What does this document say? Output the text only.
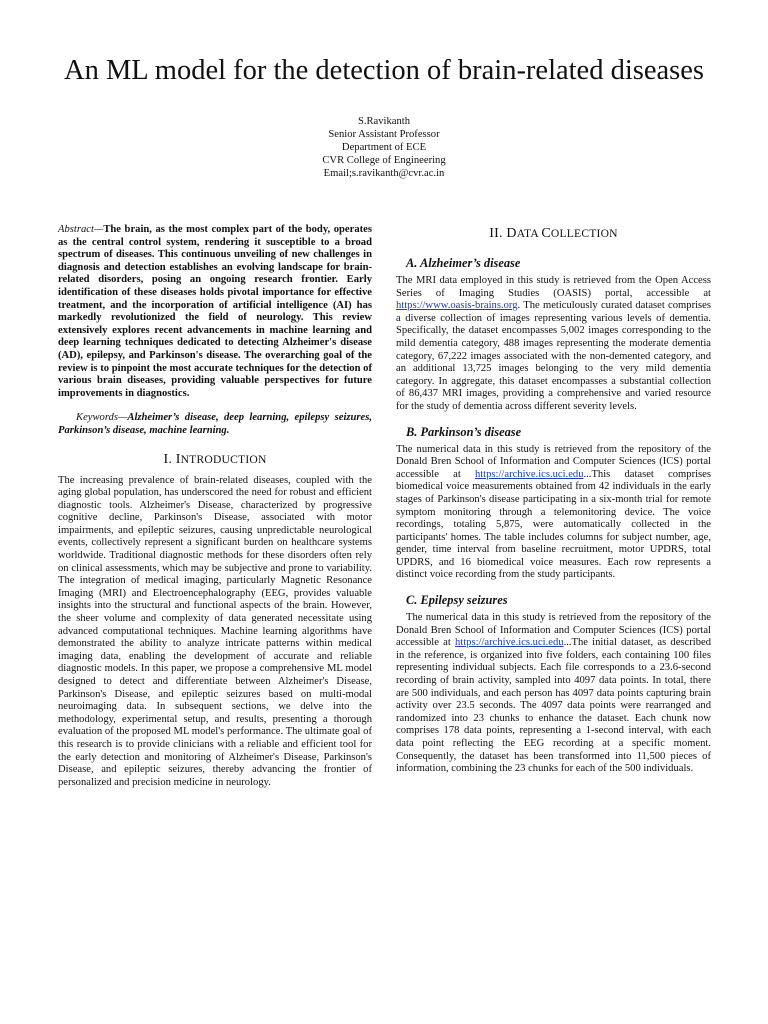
An ML model for the detection of brain-related diseases
S.Ravikanth
Senior Assistant Professor
Department of ECE
CVR College of Engineering
Email;s.ravikanth@cvr.ac.in

Abstract—The brain, as the most complex part of the body, operates as the central control system, rendering it susceptible to a broad spectrum of diseases. This continuous unveiling of new challenges in diagnosis and detection establishes an evolving landscape for brain-related disorders, posing an ongoing research frontier. Early identification of these diseases holds pivotal importance for effective treatment, and the incorporation of artificial intelligence (AI) has markedly revolutionized the field of neurology. This review extensively explores recent advancements in machine learning and deep learning techniques dedicated to detecting Alzheimer's disease (AD), epilepsy, and Parkinson's disease. The overarching goal of the review is to pinpoint the most accurate techniques for the detection of various brain diseases, providing valuable perspectives for future improvements in diagnostics.

Keywords—Alzheimer’s disease, deep learning, epilepsy seizures, Parkinson’s disease, machine learning.

I. INTRODUCTION

The increasing prevalence of brain-related diseases, coupled with the aging global population, has underscored the need for robust and efficient diagnostic tools. Alzheimer's Disease, characterized by progressive cognitive decline, Parkinson's Disease, associated with motor impairments, and epileptic seizures, causing unpredictable neurological events, collectively represent a significant burden on healthcare systems worldwide. Traditional diagnostic methods for these disorders often rely on clinical assessments, which may be subjective and prone to variability. The integration of medical imaging, particularly Magnetic Resonance Imaging (MRI) and Electroencephalography (EEG, provides valuable insights into the structural and functional aspects of the brain. However, the sheer volume and complexity of data generated necessitate using advanced computational techniques. Machine learning algorithms have demonstrated the ability to analyze intricate patterns within medical imaging data, enabling the development of accurate and reliable diagnostic models. In this paper, we propose a comprehensive ML model designed to detect and differentiate between Alzheimer's Disease, Parkinson's Disease, and epileptic seizures based on multi-modal neuroimaging data. In subsequent sections, we delve into the methodology, experimental setup, and results, presenting a thorough evaluation of the proposed ML model's performance. The ultimate goal of this research is to provide clinicians with a reliable and efficient tool for the early detection and monitoring of Alzheimer's Disease, Parkinson's Disease, and epileptic seizures, thereby advancing the frontier of personalized and precision medicine in neurology.

II. DATA COLLECTION
A. Alzheimer’s disease

The MRI data employed in this study is retrieved from the Open Access Series of Imaging Studies (OASIS) portal, accessible at https://www.oasis-brains.org. The meticulously curated dataset comprises a diverse collection of images representing various levels of dementia. Specifically, the dataset encompasses 5,002 images corresponding to the mild dementia category, 488 images representing the moderate dementia category, 67,222 images associated with the non-demented category, and an additional 13,725 images belonging to the very mild dementia category. In aggregate, this dataset encompasses a substantial collection of 86,437 MRI images, providing a comprehensive and varied resource for the study of dementia across different severity levels.

B. Parkinson’s disease

The numerical data in this study is retrieved from the repository of the Donald Bren School of Information and Computer Sciences (ICS) portal accessible at https://archive.ics.uci.edu...This dataset comprises biomedical voice measurements obtained from 42 individuals in the early stages of Parkinson's disease participating in a six-month trial for remote symptom monitoring through a telemonitoring device. The voice recordings, totaling 5,875, were automatically collected in the participants' homes. The table includes columns for subject number, age, gender, time interval from baseline recruitment, motor UPDRS, total UPDRS, and 16 biomedical voice measures. Each row represents a distinct voice recording from the study participants.

C. Epilepsy seizures

The numerical data in this study is retrieved from the repository of the Donald Bren School of Information and Computer Sciences (ICS) portal accessible at https://archive.ics.uci.edu...The initial dataset, as described in the reference, is organized into five folders, each containing 100 files representing individual subjects. Each file corresponds to a 23.6-second recording of brain activity, sampled into 4097 data points. In total, there are 500 individuals, and each person has 4097 data points capturing brain activity over 23.5 seconds. The 4097 data points were rearranged and randomized into 23 chunks to enhance the dataset. Each chunk now comprises 178 data points, representing a 1-second interval, with each data point reflecting the EEG recording at a specific moment. Consequently, the dataset has been transformed into 11,500 pieces of information, combining the 23 chunks for each of the 500 individuals.
